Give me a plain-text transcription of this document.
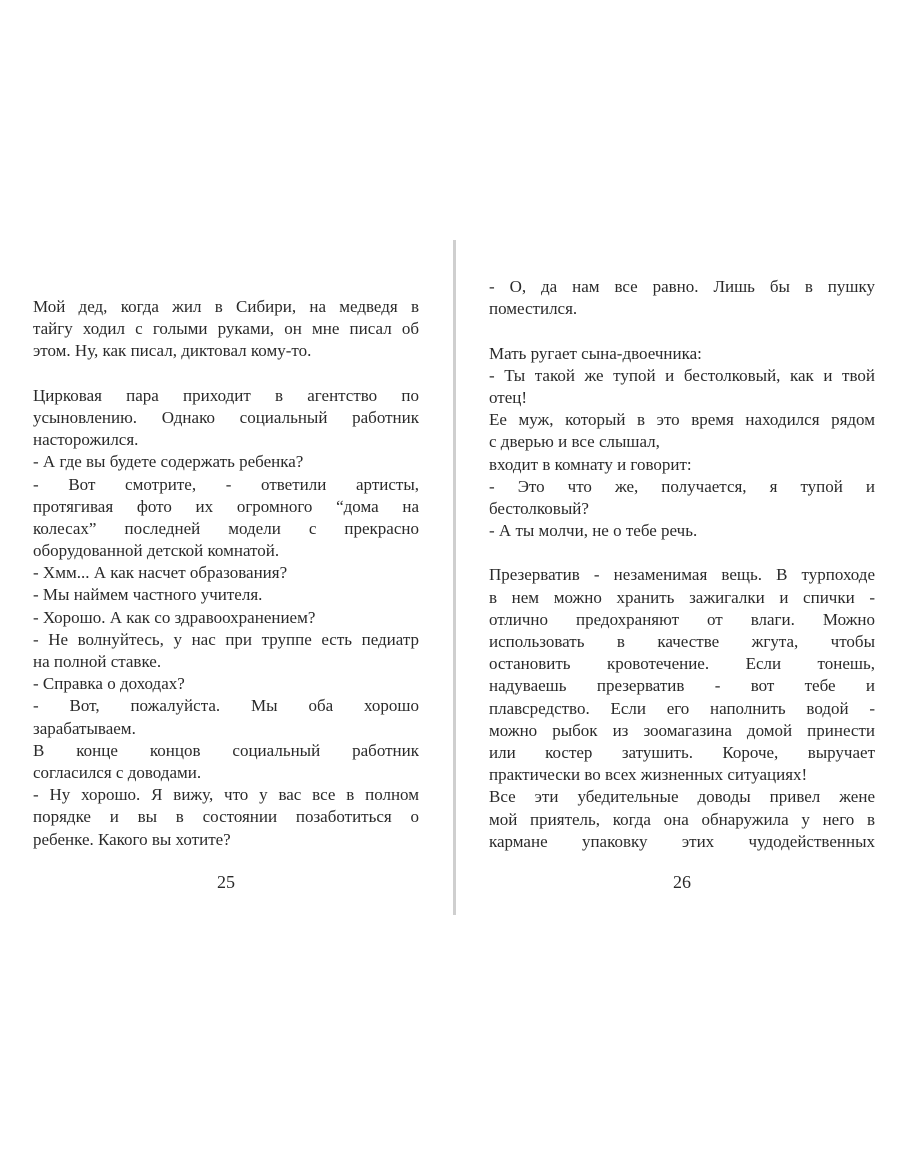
Мой дед, когда жил в Сибири, на медведя в
тайгу ходил с голыми руками, он мне писал об
этом. Ну, как писал, диктовал кому-то.
Цирковая пара приходит в агентство по
усыновлению. Однако социальный работник
насторожился.
- А где вы будете содержать ребенка?
- Вот смотрите, - ответили артисты,
протягивая фото их огромного “дома на
колесах” последней модели с прекрасно
оборудованной детской комнатой.
- Хмм... А как насчет образования?
- Мы наймем частного учителя.
- Хорошо. А как со здравоохранением?
- Не волнуйтесь, у нас при труппе есть педиатр
на полной ставке.
- Справка о доходах?
- Вот, пожалуйста. Мы оба хорошо
зарабатываем.
В конце концов социальный работник
согласился с доводами.
- Ну хорошо. Я вижу, что у вас все в полном
порядке и вы в состоянии позаботиться о
ребенке. Какого вы хотите?
- О, да нам все равно. Лишь бы в пушку
поместился.
Мать ругает сына-двоечника:
- Ты такой же тупой и бестолковый, как и твой
отец!
Ее муж, который в это время находился рядом
с дверью и все слышал,
входит в комнату и говорит:
- Это что же, получается, я тупой и
бестолковый?
- А ты молчи, не о тебе речь.
Презерватив - незаменимая вещь. В турпоходе
в нем можно хранить зажигалки и спички -
отлично предохраняют от влаги. Можно
использовать в качестве жгута, чтобы
остановить кровотечение. Если тонешь,
надуваешь презерватив - вот тебе и
плавсредство. Если его наполнить водой -
можно рыбок из зоомагазина домой принести
или костер затушить. Короче, выручает
практически во всех жизненных ситуациях!
Все эти убедительные доводы привел жене
мой приятель, когда она обнаружила у него в
кармане упаковку этих чудодейственных
25	26
